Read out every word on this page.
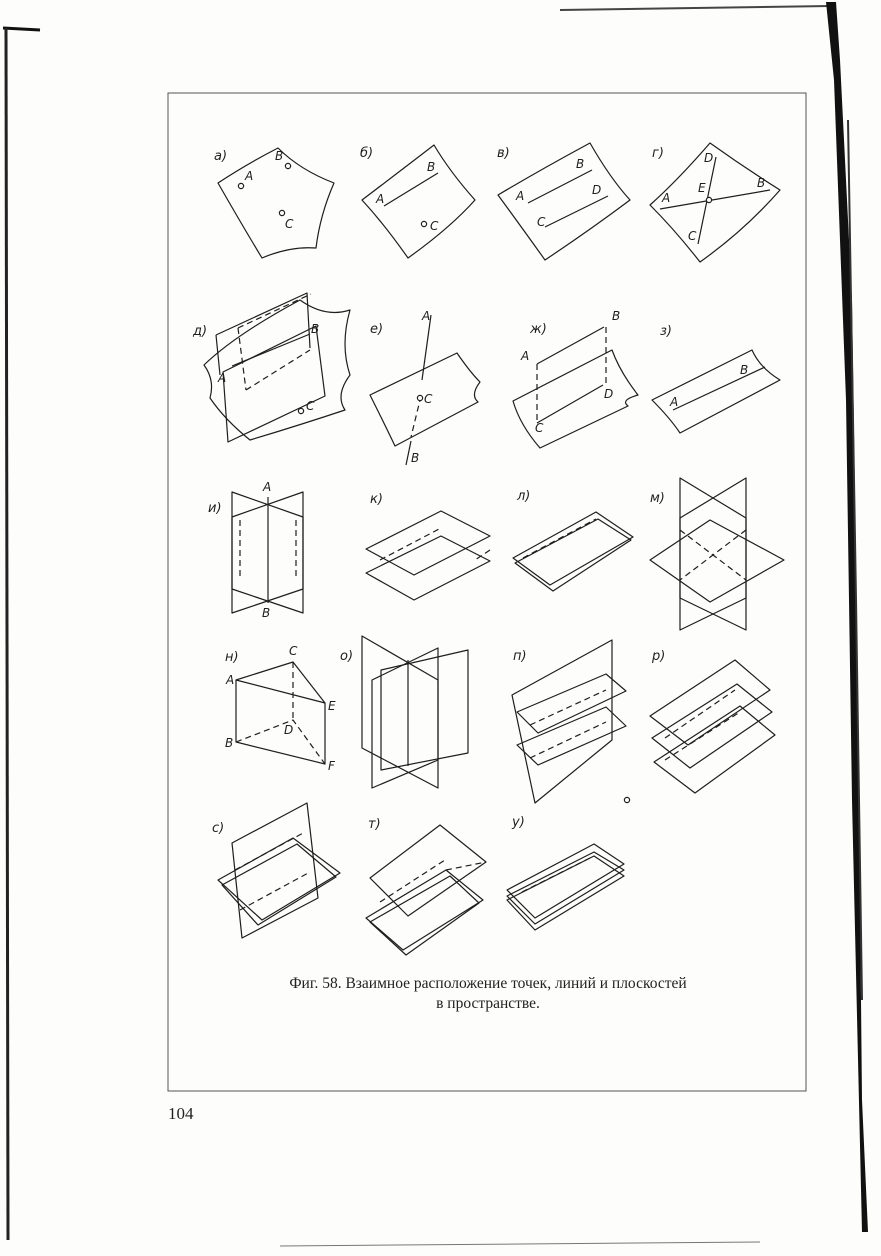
а)
A
B
C
б)
A
B
C
в)
A
B
C
D
г)
A
B
C
D
E
д)
A
B
C
е)
A
B
C
ж)
A
B
C
D
з)
A
B
и)
A
B
к)	л)	м)
н)
A
B
C
D
E
F
о)	п)	р)
с)	т)	у)
Фиг. 58. Взаимное расположение точек, линий и плоскостей
в пространстве.
104
